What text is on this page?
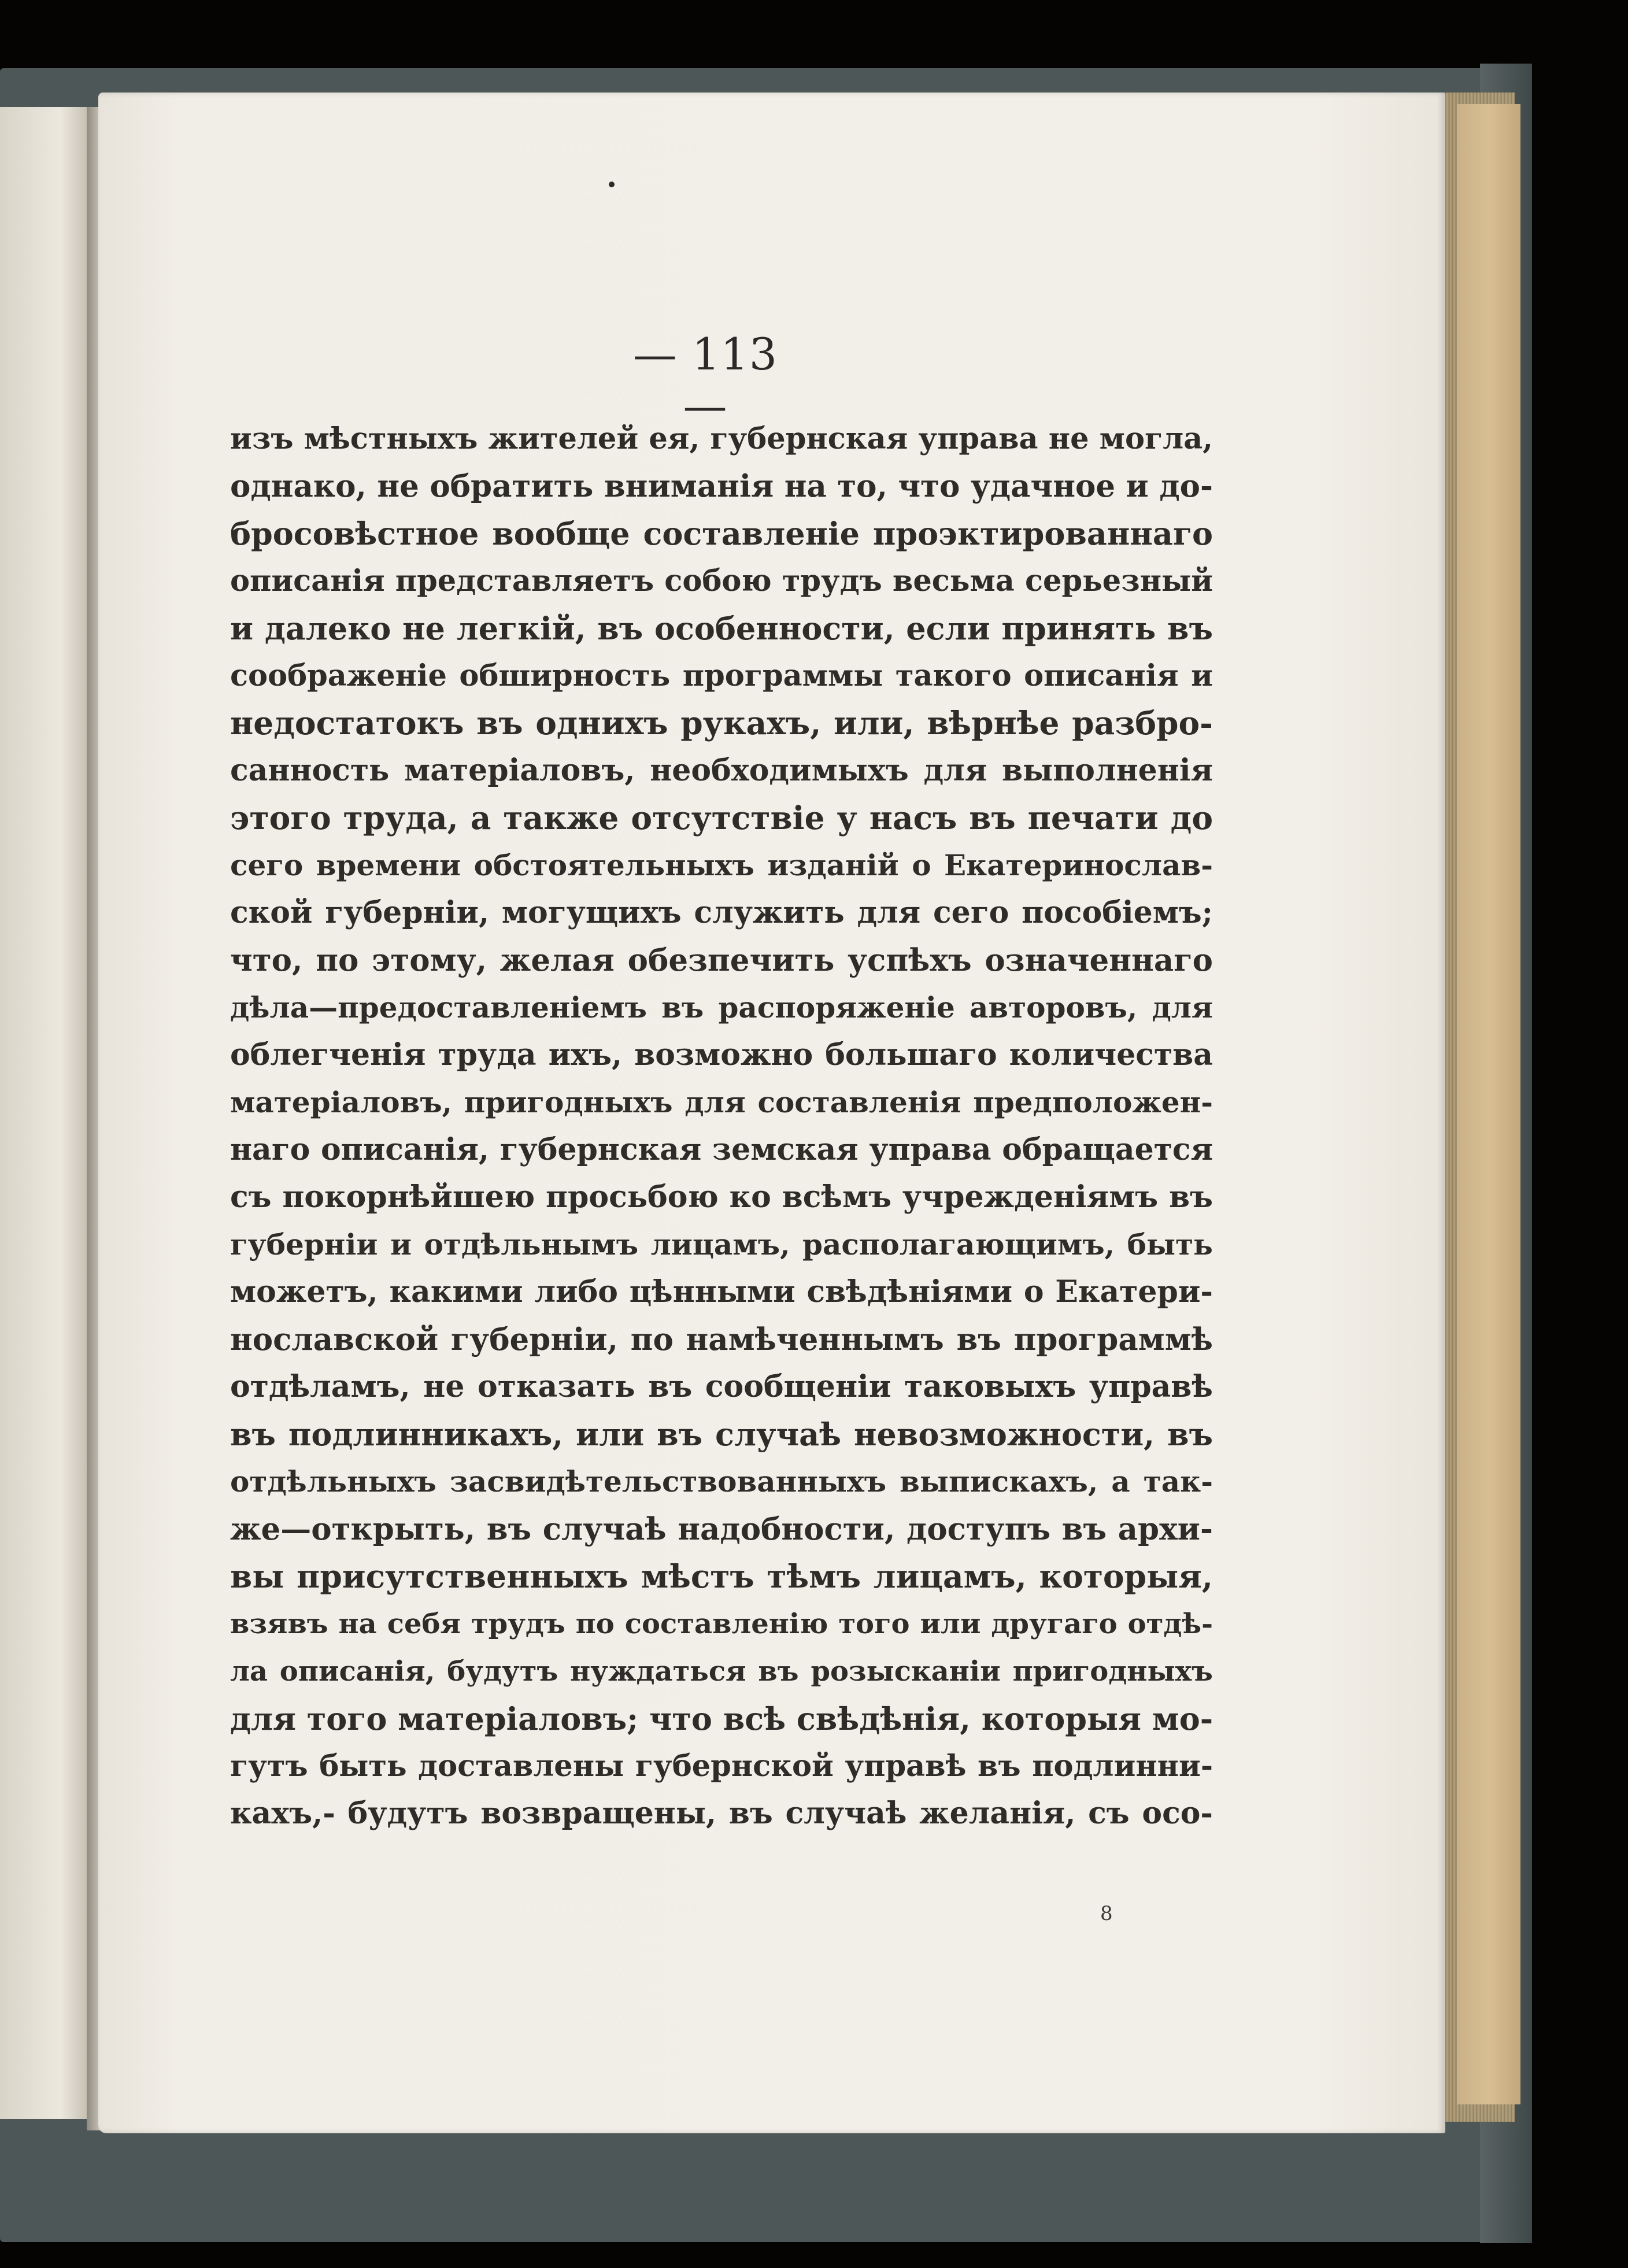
— 113 —
изъ мѣстныхъ жителей ея, губернская управа не могла,
однако, не обратить вниманія на то, что удачное и до-
бросовѣстное вообще составленіе проэктированнаго
описанія представляетъ собою трудъ весьма серьезный
и далеко не легкій, въ особенности, если принять въ
соображеніе обширность программы такого описанія и
недостатокъ въ однихъ рукахъ, или, вѣрнѣе разбро-
санность матеріаловъ, необходимыхъ для выполненія
этого труда, а также отсутствіе у насъ въ печати до
сего времени обстоятельныхъ изданій о Екатеринослав-
ской губерніи, могущихъ служить для сего пособіемъ;
что, по этому, желая обезпечить успѣхъ означеннаго
дѣла—предоставленіемъ въ распоряженіе авторовъ, для
облегченія труда ихъ, возможно большаго количества
матеріаловъ, пригодныхъ для составленія предположен-
наго описанія, губернская земская управа обращается
съ покорнѣйшею просьбою ко всѣмъ учрежденіямъ въ
губерніи и отдѣльнымъ лицамъ, располагающимъ, быть
можетъ, какими либо цѣнными свѣдѣніями о Екатери-
нославской губерніи, по намѣченнымъ въ программѣ
отдѣламъ, не отказать въ сообщеніи таковыхъ управѣ
въ подлинникахъ, или въ случаѣ невозможности, въ
отдѣльныхъ засвидѣтельствованныхъ выпискахъ, а так-
же—открыть, въ случаѣ надобности, доступъ въ архи-
вы присутственныхъ мѣстъ тѣмъ лицамъ, которыя,
взявъ на себя трудъ по составленію того или другаго отдѣ-
ла описанія, будутъ нуждаться въ розысканіи пригодныхъ
для того матеріаловъ; что всѣ свѣдѣнія, которыя мо-
гутъ быть доставлены губернской управѣ въ подлинни-
кахъ,- будутъ возвращены, въ случаѣ желанія, съ осо-
8
